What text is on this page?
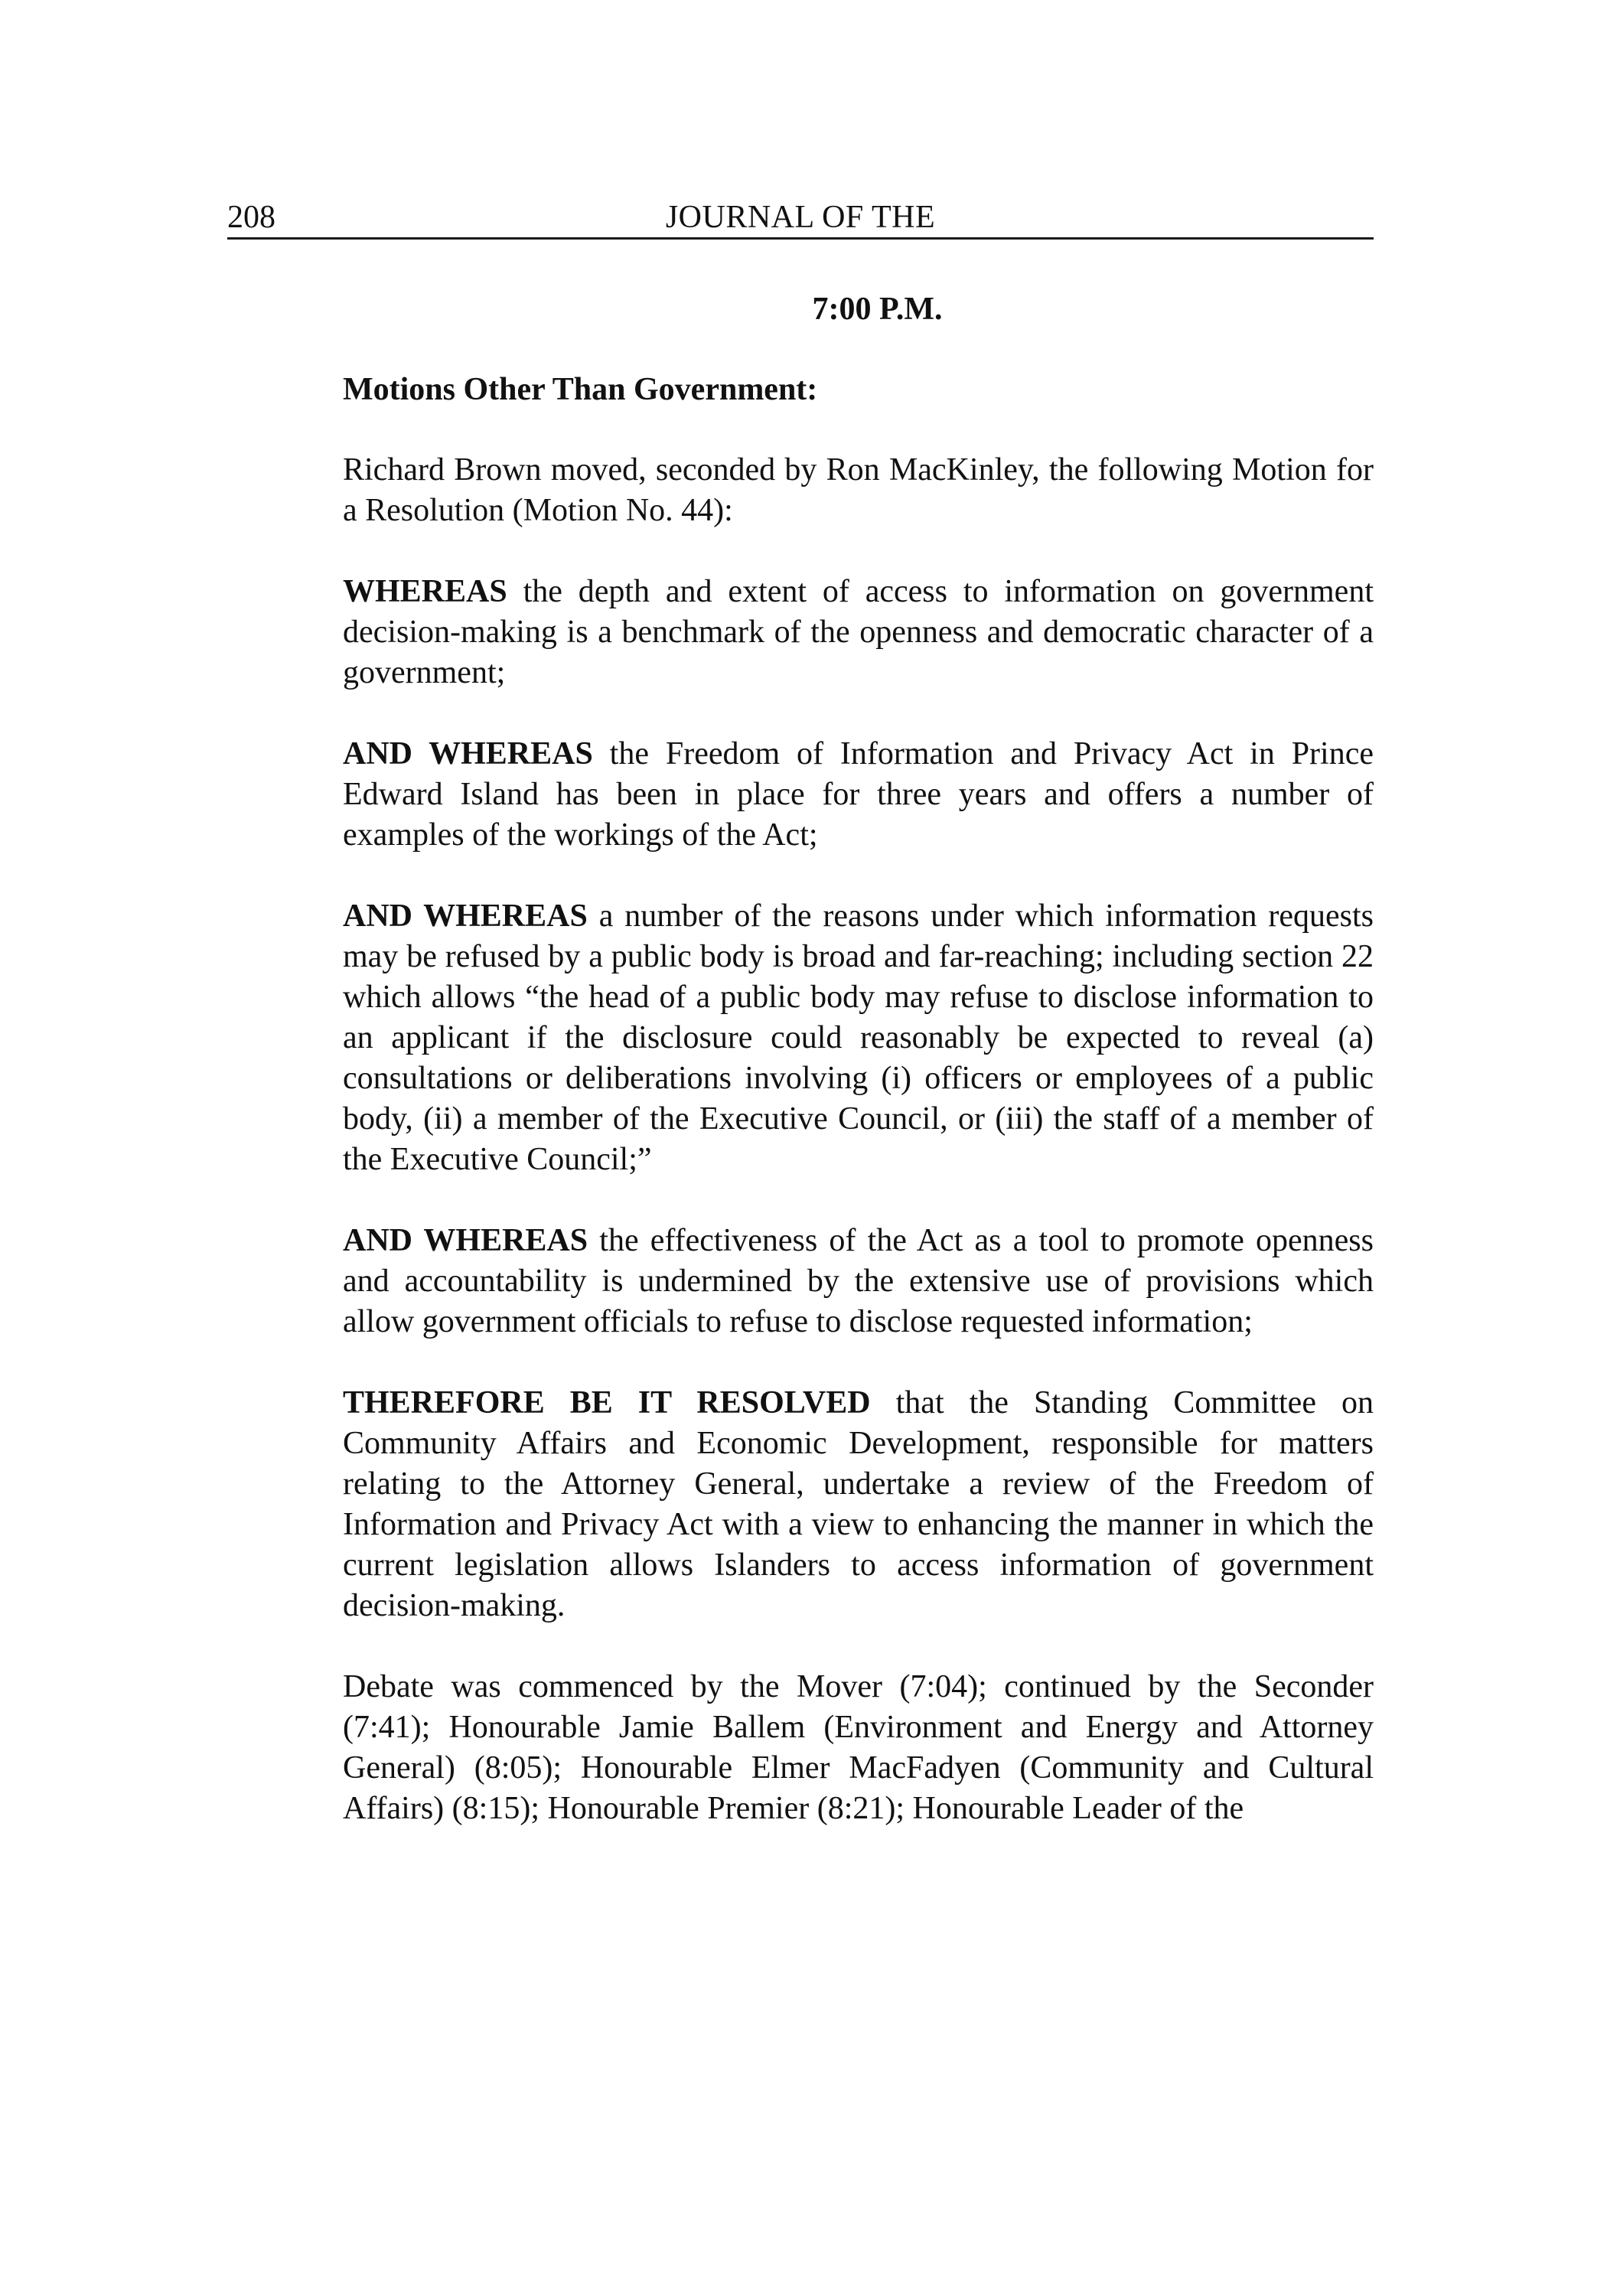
208	JOURNAL OF THE
7:00 P.M.
Motions Other Than Government:

Richard Brown moved, seconded by Ron MacKinley, the following Motion for a Resolution (Motion No. 44):

WHEREAS the depth and extent of access to information on government decision-making is a benchmark of the openness and democratic character of a government;

AND WHEREAS the Freedom of Information and Privacy Act in Prince Edward Island has been in place for three years and offers a number of examples of the workings of the Act;

AND WHEREAS a number of the reasons under which information requests may be refused by a public body is broad and far-reaching; including section 22 which allows “the head of a public body may refuse to disclose information to an applicant if the disclosure could reasonably be expected to reveal (a) consultations or deliberations involving (i) officers or employees of a public body, (ii) a member of the Executive Council, or (iii) the staff of a member of the Executive Council;”

AND WHEREAS the effectiveness of the Act as a tool to promote openness and accountability is undermined by the extensive use of provisions which allow government officials to refuse to disclose requested information;

THEREFORE BE IT RESOLVED that the Standing Committee on Community Affairs and Economic Development, responsible for matters relating to the Attorney General, undertake a review of the Freedom of Information and Privacy Act with a view to enhancing the manner in which the current legislation allows Islanders to access information of government decision-making.

Debate was commenced by the Mover (7:04); continued by the Seconder (7:41); Honourable Jamie Ballem (Environment and Energy and Attorney General) (8:05); Honourable Elmer MacFadyen (Community and Cultural Affairs) (8:15); Honourable Premier (8:21); Honourable Leader of the
